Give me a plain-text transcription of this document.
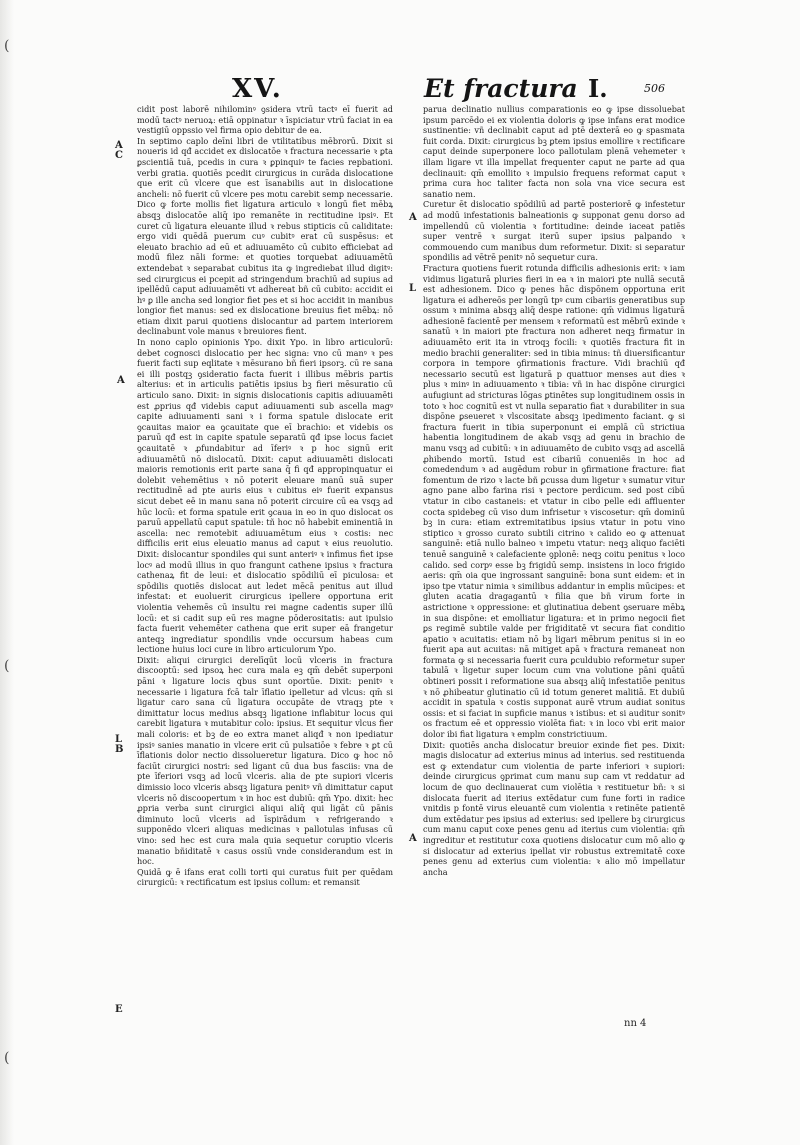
(
(
(
XV.	Et fractura I.	506
A
C
A
L
B
E
A
L
A

cidit post laborē nihilominꝰ ꝯsidera vtrū tactꝰ eī fuerit ad modū tactꝰ neruoꝝ: etiā oppinatur ꝛ īspiciatur vtrū faciat in ea vestigiū oppssio vel firma opio debitur de ea.

In septimo caplo deīni libri de vtilitatibus mēbrorū. Dixit si noueris id qđ accidet ex dislocatōe ꝛ fractura necessarie ꝛ ꝑta ꝑscientiā tuā, pcedis in cura ꝛ ꝑpinquiꝰ te facies repbationi. verbi gratia. quotiēs pcedit cirurgicus in curāda dislocatione que erit cū vlcere que est īsanabilis aut in dislocatione ancheli: nō fuerit cū vlcere pes motu carebit semp necessarie. Dico ꝙ forte mollis fiet ligatura articulo ꝛ longū fiet mēbꝝ absqꝫ dislocatōe aliq̄ ipo remanēte in rectitudine ipsiꝰ. Et curet cū ligatura eleuante illud ꝛ rebus stipticis cū caliditate: ergo vidi quēdā puerum cuꝰ cubitꝰ erat cū suspēsus: et eleuato brachio ad eū et adiuuamēto cū cubito efficiebat ad modū filez nāli forme: et quoties torquebat adiuuamētū extendebat ꝛ separabat cubitus ita ꝙ ingrediebat illud digitꝰ: sed cirurgicus ei pcepit ad stringendum brachiū ad supius ad ipellēdū caput adiuuamēti vt adhereat bñ cū cubito: accidit ei hꝰ ꝑ ille ancha sed longior fiet pes et si hoc accidit in manibus longior fiet manus: sed ex dislocatione breuius fiet mēbꝝ: nō etiam dixit parui quotiens dislocantur ad partem interiorem declinabunt vole manus ꝛ breuiores fient.

In nono caplo opinionis Ypo. dixit Ypo. in libro articulorū: debet cognosci dislocatio per hec signa: vno cū manꝰ ꝛ pes fuerit facti sup eqlitate ꝛ mēsurano bñ fieri ipsorꝫ. cū re sana ei illi postqꝫ ꝯsideratio facta fuerit i illibus mēbris partis alterius: et in articulis patiētis ipsius bꝫ fieri mēsuratio cū articulo sano. Dixit: in signis dislocationis capitis adiuuamēti est ꝓprius qđ videbis caput adiuuamenti sub ascella magꝰ capite adiuuamenti sani ꝛ i forma spatule dislocate erit ꝯcauitas maior ea ꝯcauitate que eī brachio: et videbis os paruū qđ est in capite spatule separatū qđ ipse locus faciet ꝯcauitatē ꝛ ꝓfundabitur ad īferiꝰ ꝛ p hoc signū erit adiuuamētū nō dislocatū. Dixit: caput adiuuamēti dislocati maioris remotionis erit parte sana q̄ fi qđ appropinquatur ei dolebit vehemētius ꝛ nō poterit eleuare manū suā super rectitudinē ad pte auris eius ꝛ cubitus eiꝰ fuerit expansus sicut debet eē in manu sana nō poterit circuire cū ea vsqꝫ ad hūc locū: et forma spatule erit ꝯcaua in eo in quo dislocat os paruū appellatū caput spatule: tñ hoc nō habebit eminentiā in ascella: nec remotebit adiuuamētum eius ꝛ costis: nec difficilis erit eius eleuatio manus ad caput ꝛ eius reuolutio. Dixit: dislocantur spondiles qui sunt anteriꝰ ꝛ infimus fiet ipse locꝰ ad modū illius in quo frangunt cathene ipsius ꝛ fractura cathenaꝝ fit de leui: et dislocatio spōdiliū eī piculosa: et spōdilis quotiēs dislocat aut ledet mēcā penitus aut illud infestat: et euoluerit cirurgicus ipellere opportuna erit violentia vehemēs cū insultu rei magne cadentis super illū locū: et si cadit sup eū res magne pōderositatis: aut ipulsio facta fuerit vehemēter cathena que erit super eā frangetur anteqꝫ ingrediatur spondilis vnde occursum habeas cum lectione huius loci cure in libro articulorum Ypo.

Dixit: aliqui cirurgici derelīqūt locū vlceris in fractura discooptū: sed ipsoꝝ hec cura mala eꝫ qm̄ debēt superponi pāni ꝛ ligature locis qbus sunt oportūe. Dixit: penitꝰ ꝛ necessarie i ligatura fcā talr īflatio ipelletur ad vlcus: qm̄ si ligatur caro sana cū ligatura occupāte de vtraqꝫ pte ꝛ dimittatur locus medius absqꝫ ligatione inflabitur locus qui carebit ligatura ꝛ mutabitur colo: ipsius. Et sequitur vlcus fier mali coloris: et bꝫ de eo extra manet aliqđ ꝛ non ipediatur ipsiꝰ sanies manatio in vlcere erit cū pulsatiōe ꝛ febre ꝛ ꝑt cū īflationis dolor nectio dissolueretur ligatura. Dico ꝙ hoc nō faciūt cirurgici nostri: sed ligant cū dua bus fasciis: vna de pte īferiori vsqꝫ ad locū vlceris. alia de pte supiori vlceris dimissio loco vlceris absqꝫ ligatura penitꝰ vñ dimittatur caput vlceris nō discoopertum ꝛ in hoc est dubiū: qm̄ Ypo. dixit: hec ꝓpria verba sunt cirurgici aliqui aliq̄ qui ligāt cū pānis diminuto locū vlceris ad īspirādum ꝛ refrigerando ꝛ supponēdo vlceri aliquas medicinas ꝛ pallotulas infusas cū vino: sed hec est cura mala quia sequetur coruptio vlceris manatio bñiditatē ꝛ casus ossiū vnde considerandum est in hoc.

Quidā ꝙ ē ifans erat colli torti qui curatus fuit per quēdam cirurgicū: ꝛ rectificatum est ipsius collum: et remansit

parua declinatio nullius comparationis eo ꝙ ipse dissoluebat ipsum parcēdo ei ex violentia doloris ꝙ ipse infans erat modice sustinentie: vñ declinabit caput ad ptē dexterā eo ꝙ spasmata fuit corda. Dixit: cirurgicus bꝫ ꝑtem ipsius emollire ꝛ rectificare caput deinde superponere loco pallotulam plenā vehemeter ꝛ illam ligare vt illa impellat frequenter caput ne parte ad qua declinauit: qm̄ emollito ꝛ impulsio frequens reformat caput ꝛ prima cura hoc taliter facta non sola vna vice secura est sanatio nem.

Curetur ēt dislocatio spōdiliū ad partē posteriorē ꝙ infestetur ad modū infestationis balneationis ꝙ supponat genu dorso ad impellendū cū violentia ꝛ fortitudine: deinde iaceat patiēs super ventrē ꝛ surgat iterū super ipsius palpando ꝛ commouendo cum manibus dum reformetur. Dixit: si separatur spondilis ad vētrē penitꝰ nō sequetur cura.

Fractura quotiens fuerit rotunda difficilis adhesionis erit: ꝛ iam vidimus ligaturā pluries fieri in ea ꝛ in maiori pte nullā secutā est adhesionem. Dico ꝙ penes hāc dispōnem opportuna erit ligatura ei adhereōs per longū tpꝰ cum cibariis generatibus sup ossum ꝛ minima absqꝫ aliq̄ despe ratione: qm̄ vidimus ligaturā adhesionē facientē per mensem ꝛ reformatū est mēbrū exinde ꝛ sanatū ꝛ in maiori pte fractura non adheret neqꝫ firmatur in adiuuamēto erit ita in vtroqꝫ focili: ꝛ quotiēs fractura fit in medio brachii generaliter: sed in tibia minus: tñ diuersificantur corpora in tempore ꝯfirmationis fracture. Vidi brachiū qđ necessario secutū est ligaturā p quattuor menses aut dies ꝛ plus ꝛ minꝰ in adiuuamento ꝛ tibia: vñ in hac dispōne cirurgici aufugiunt ad stricturas lōgas ꝑtinētes sup longitudinem ossis in toto ꝛ hoc cognitū est vt nulla separatio fiat ꝛ durabiliter in sua dispōne ꝑseueret ꝛ vlscositate absqꝫ ipedimento faciant. ꝙ si fractura fuerit in tibia superponunt ei emplā cū strictiua habentia longitudinem de akab vsqꝫ ad genu in brachio de manu vsqꝫ ad cubitū: ꝛ in adiuuamēto de cubito vsqꝫ ad ascellā ꝓhibendo mortū. Istud est cibariū conueniēs in hoc ad comedendum ꝛ ad augēdum robur in ꝯfirmatione fracture: fiat fomentum de rizo ꝛ lacte bñ ꝑcussa dum ligetur ꝛ sumatur vitur agno pane albo farina risi ꝛ pectore perdicum. sed post cibū vtatur in cibo castaneis: et vtatur in cibo pelle edi affluenter cocta spidebeg cū viso dum infrisetur ꝛ viscosetur: qm̄ dominū bꝫ in cura: etiam extremitatibus ipsius vtatur in potu vino stiptico ꝛ grosso curato subtili citrino ꝛ calido eo ꝙ attenuat sanguinē: etiā nullo balneo ꝛ impetu vtatur: neqꝫ aliquo faciēti tenuē sanguinē ꝛ calefaciente ꝯplonē: neqꝫ coitu penitus ꝛ loco calido. sed corpꝰ esse bꝫ frigidū semp. insistens in loco frigido aeris: qm̄ oia que ingrossant sanguinē: bona sunt eidem: et in ipso tpe vtatur nimia ꝛ similibus addantur in emplis mūcipes: et gluten acatia dragagantū ꝛ filia que bñ virum forte in astrictione ꝛ oppressione: et glutinatiua debent ꝯseruare mēbꝝ in sua dispōne: et emolliatur ligatura: et in primo negocii fiet ꝑs regimē subtile valde per frigiditatē vt secura fiat conditio apatio ꝛ acuitatis: etiam nō bꝫ ligari mēbrum penitus si in eo fuerit apa aut acuitas: nā mitiget apā ꝛ fractura remaneat non formata ꝙ si necessaria fuerit cura ꝑculdubio reformetur super tabulā ꝛ ligetur super locum cum vna volutione pāni quātū obtineri possit i reformatione sua absqꝫ aliq̄ infestatiōe penitus ꝛ nō ꝓhibeatur glutinatio cū id totum generet malitiā. Et dubiū accidit in spatula ꝛ costis supponat aurē vtrum audiat sonitus ossis: et si faciat in supficie manus ꝛ istibus: et si auditur sonitꝰ os fractum eē et oppressio violēta fiat: ꝛ in loco vbi erit maior dolor ibi fiat ligatura ꝛ emplm constrictiuum.

Dixit: quotiēs ancha dislocatur breuior exinde fiet pes. Dixit: magis dislocatur ad exterius minus ad interius. sed restituenda est ꝙ extendatur cum violentia de parte inferiori ꝛ supiori: deinde cirurgicus ꝯprimat cum manu sup cam vt reddatur ad locum de quo declinauerat cum violētia ꝛ restituetur bñ: ꝛ si dislocata fuerit ad iterius extēdatur cum fune forti in radice vnitdis p fontē virus eleuantē cum violentia ꝛ retinēte patientē dum extēdatur pes ipsius ad exterius: sed ipellere bꝫ cirurgicus cum manu caput coxe penes genu ad iterius cum violentia: qm̄ ingreditur et restitutur coxa quotiens dislocatur cum mō alio ꝙ si dislocatur ad exterius ipellat vir robustus extremitatē coxe penes genu ad exterius cum violentia: ꝛ alio mō impellatur ancha

nn 4
